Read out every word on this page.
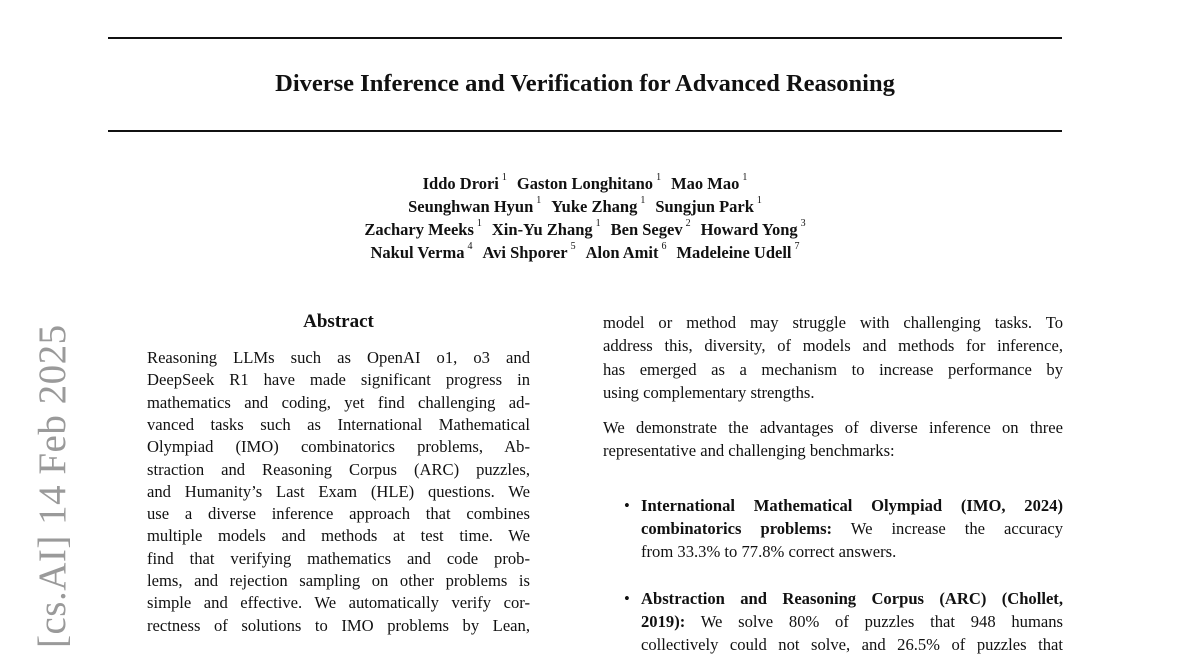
Diverse Inference and Verification for Advanced Reasoning
Iddo Drori $^1$ Gaston Longhitano $^1$ Mao Mao $^1$
Seunghwan Hyun $^1$ Yuke Zhang $^1$ Sungjun Park $^1$
Zachary Meeks $^1$ Xin-Yu Zhang $^1$ Ben Segev $^2$ Howard Yong $^3$
Nakul Verma $^4$ Avi Shporer $^5$ Alon Amit $^6$ Madeleine Udell $^7$
[cs.AI] 14 Feb 2025
Abstract
Reasoning LLMs such as OpenAI o1, o3 and
DeepSeek R1 have made significant progress in
mathematics and coding, yet find challenging ad-
vanced tasks such as International Mathematical
Olympiad (IMO) combinatorics problems, Ab-
straction and Reasoning Corpus (ARC) puzzles,
and Humanity’s Last Exam (HLE) questions. We
use a diverse inference approach that combines
multiple models and methods at test time. We
find that verifying mathematics and code prob-
lems, and rejection sampling on other problems is
simple and effective. We automatically verify cor-
rectness of solutions to IMO problems by Lean,
model or method may struggle with challenging tasks. To
address this, diversity, of models and methods for inference,
has emerged as a mechanism to increase performance by
using complementary strengths.
We demonstrate the advantages of diverse inference on three
representative and challenging benchmarks:
• International Mathematical Olympiad (IMO, 2024)
combinatorics problems: We increase the accuracy
from 33.3% to 77.8% correct answers.
• Abstraction and Reasoning Corpus (ARC) (Chollet,
2019): We solve 80% of puzzles that 948 humans
collectively could not solve, and 26.5% of puzzles that
